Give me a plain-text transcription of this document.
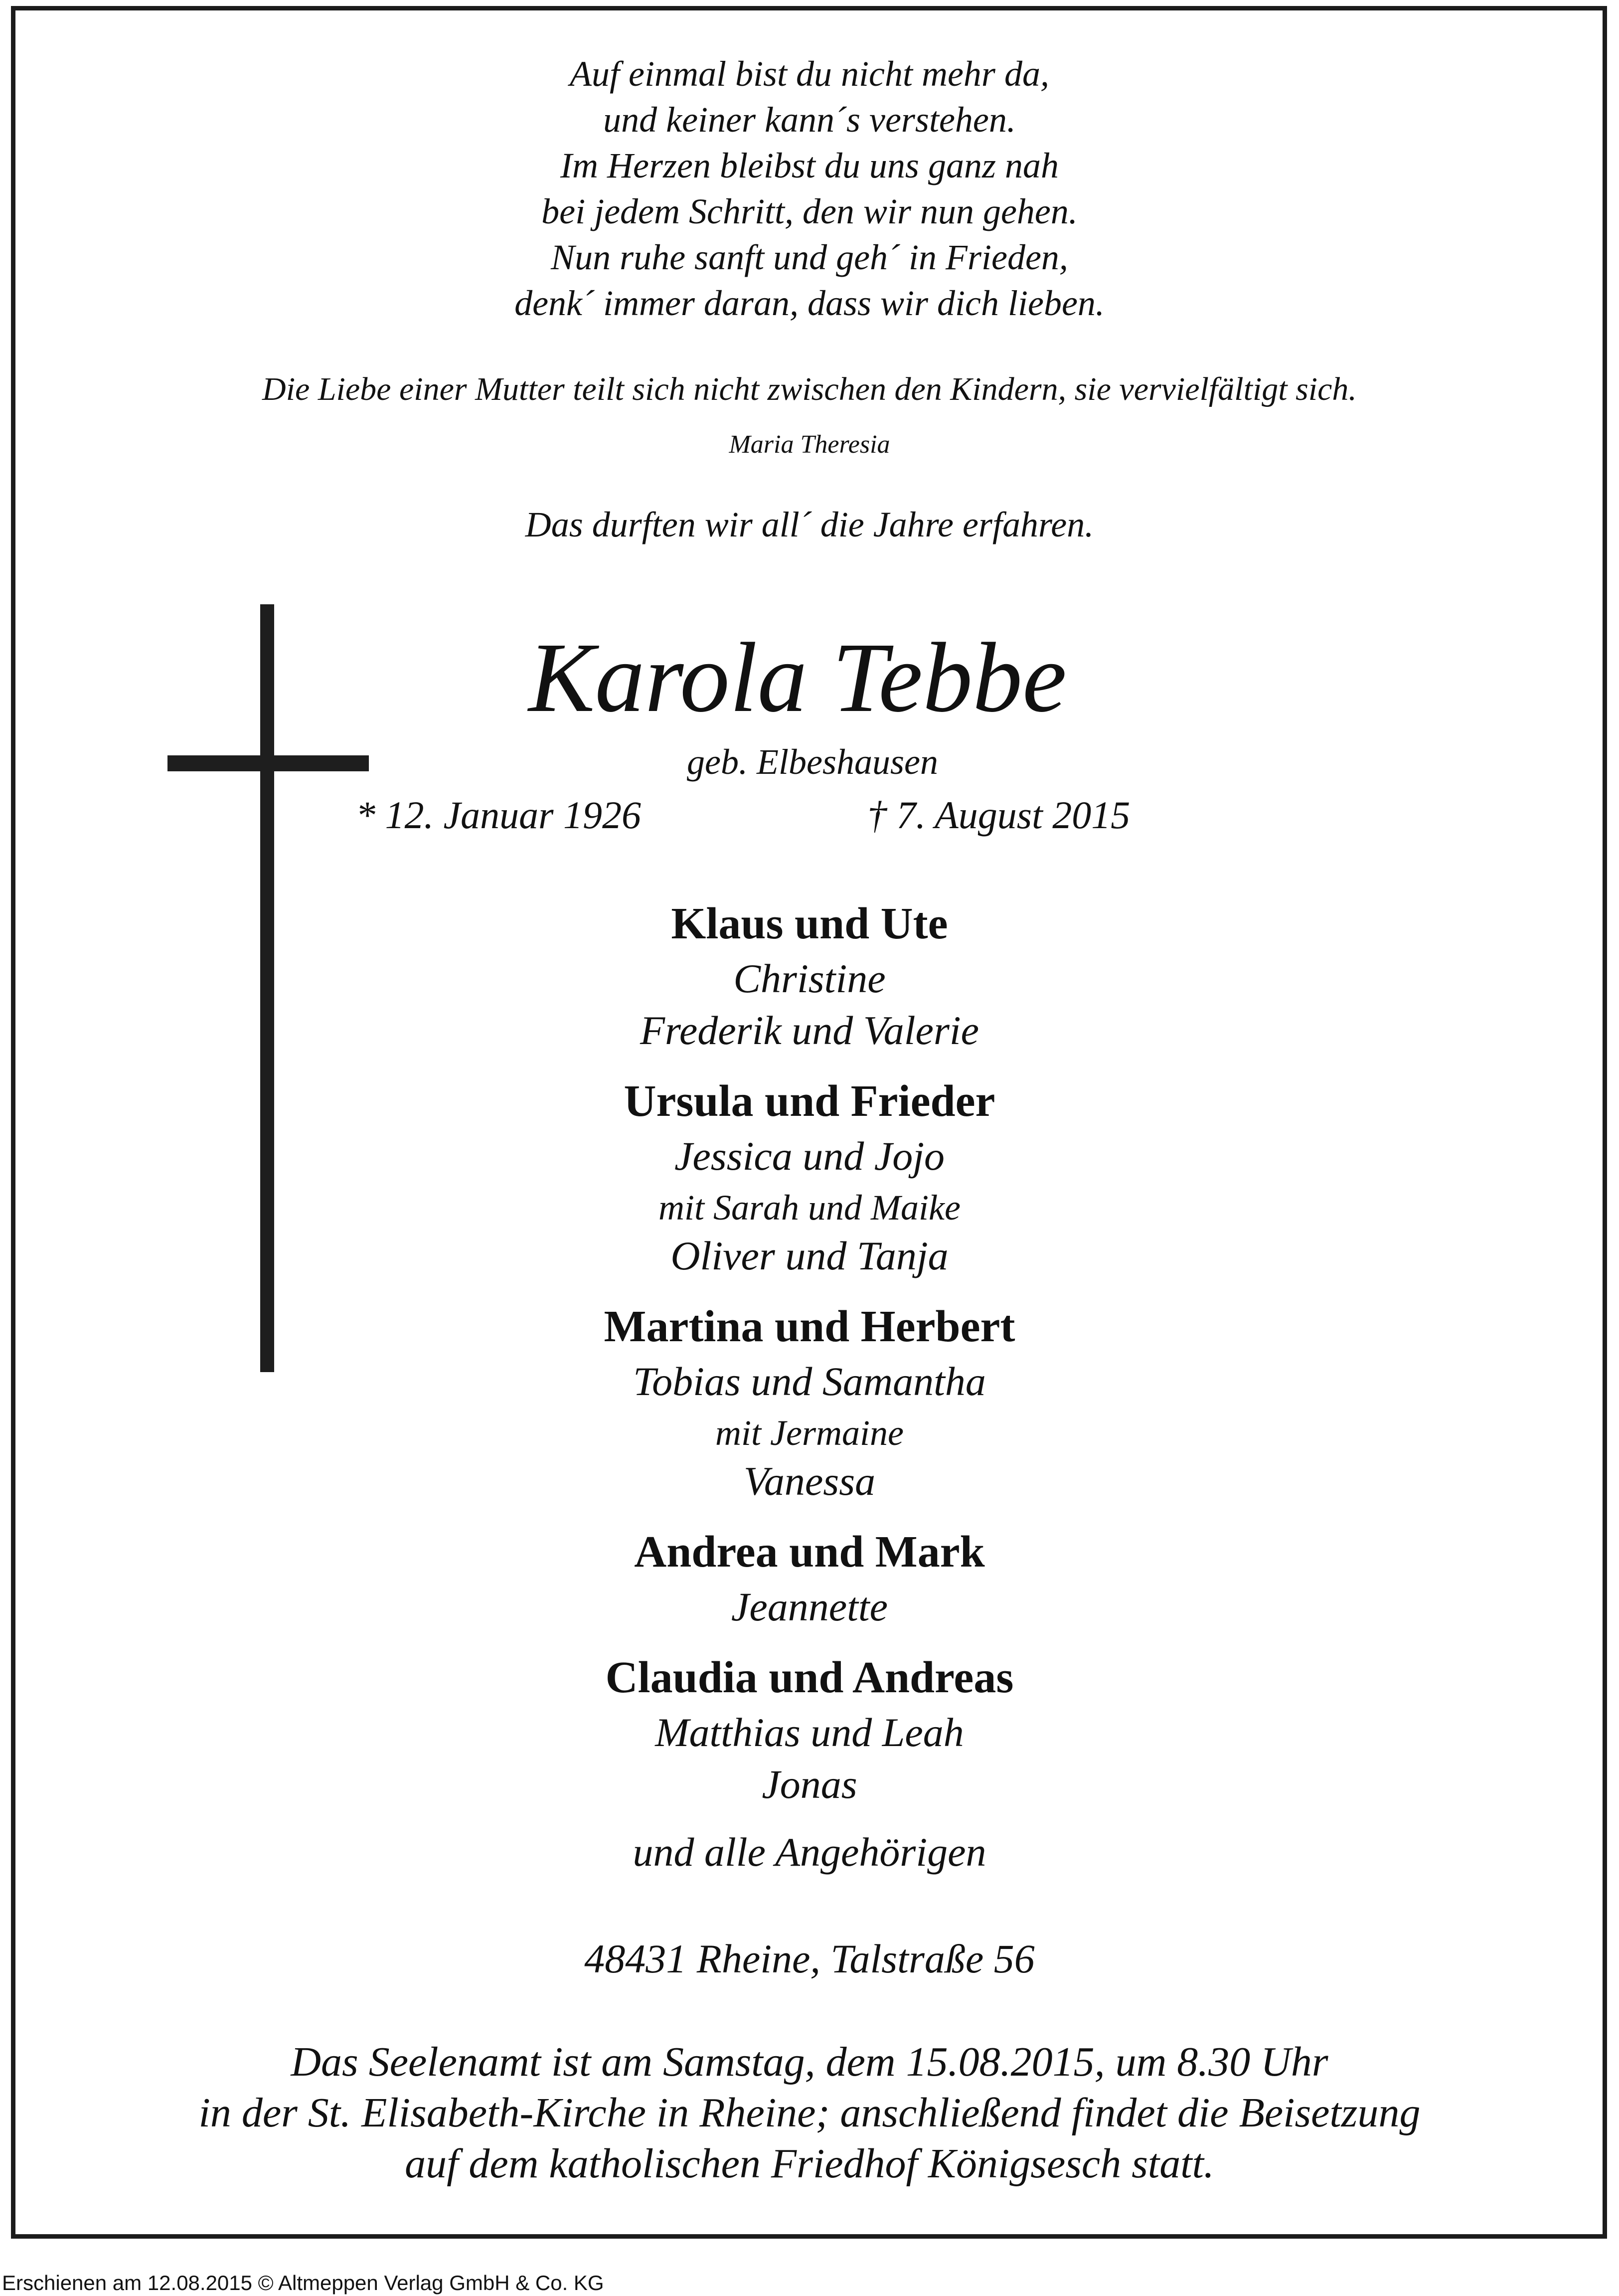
Auf einmal bist du nicht mehr da,

und keiner kann´s verstehen.

Im Herzen bleibst du uns ganz nah

bei jedem Schritt, den wir nun gehen.

Nun ruhe sanft und geh´ in Frieden,

denk´ immer daran, dass wir dich lieben.

Die Liebe einer Mutter teilt sich nicht zwischen den Kindern, sie vervielfältigt sich.

Maria Theresia

Das durften wir all´ die Jahre erfahren.

Karola Tebbe

geb. Elbeshausen

* 12. Januar 1926	† 7. August 2015

Klaus und Ute

Christine

Frederik und Valerie

Ursula und Frieder

Jessica und Jojo

mit Sarah und Maike

Oliver und Tanja

Martina und Herbert

Tobias und Samantha

mit Jermaine

Vanessa

Andrea und Mark

Jeannette

Claudia und Andreas

Matthias und Leah

Jonas

und alle Angehörigen

48431 Rheine, Talstraße 56

Das Seelenamt ist am Samstag, dem 15.08.2015, um 8.30 Uhr

in der St. Elisabeth-Kirche in Rheine; anschließend findet die Beisetzung

auf dem katholischen Friedhof Königsesch statt.

Erschienen am 12.08.2015 © Altmeppen Verlag GmbH & Co. KG
